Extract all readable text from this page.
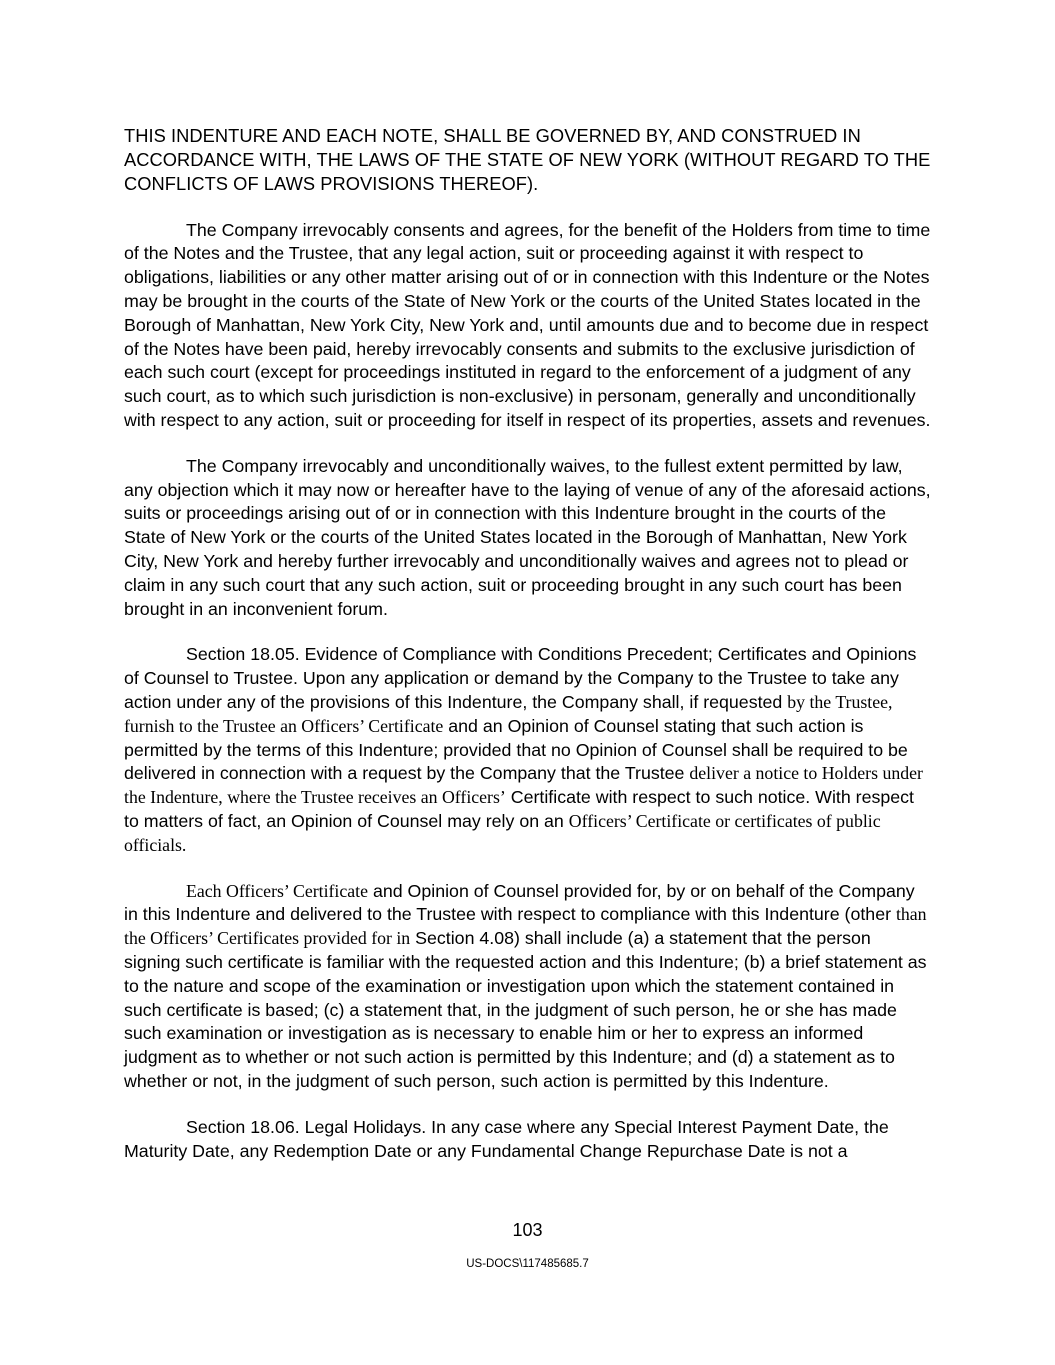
THIS INDENTURE AND EACH NOTE, SHALL BE GOVERNED BY, AND CONSTRUED IN ACCORDANCE WITH, THE LAWS OF THE STATE OF NEW YORK (WITHOUT REGARD TO THE CONFLICTS OF LAWS PROVISIONS THEREOF).

The Company irrevocably consents and agrees, for the benefit of the Holders from time to time of the Notes and the Trustee, that any legal action, suit or proceeding against it with respect to obligations, liabilities or any other matter arising out of or in connection with this Indenture or the Notes may be brought in the courts of the State of New York or the courts of the United States located in the Borough of Manhattan, New York City, New York and, until amounts due and to become due in respect of the Notes have been paid, hereby irrevocably consents and submits to the exclusive jurisdiction of each such court (except for proceedings instituted in regard to the enforcement of a judgment of any such court, as to which such jurisdiction is non-exclusive) in personam, generally and unconditionally with respect to any action, suit or proceeding for itself in respect of its properties, assets and revenues.

The Company irrevocably and unconditionally waives, to the fullest extent permitted by law, any objection which it may now or hereafter have to the laying of venue of any of the aforesaid actions, suits or proceedings arising out of or in connection with this Indenture brought in the courts of the State of New York or the courts of the United States located in the Borough of Manhattan, New York City, New York and hereby further irrevocably and unconditionally waives and agrees not to plead or claim in any such court that any such action, suit or proceeding brought in any such court has been brought in an inconvenient forum.

Section 18.05. Evidence of Compliance with Conditions Precedent; Certificates and Opinions of Counsel to Trustee. Upon any application or demand by the Company to the Trustee to take any action under any of the provisions of this Indenture, the Company shall, if requested by the Trustee, furnish to the Trustee an Officers’ Certificate and an Opinion of Counsel stating that such action is permitted by the terms of this Indenture; provided that no Opinion of Counsel shall be required to be delivered in connection with a request by the Company that the Trustee deliver a notice to Holders under the Indenture, where the Trustee receives an Officers’ Certificate with respect to such notice. With respect to matters of fact, an Opinion of Counsel may rely on an Officers’ Certificate or certificates of public officials.

Each Officers’ Certificate and Opinion of Counsel provided for, by or on behalf of the Company in this Indenture and delivered to the Trustee with respect to compliance with this Indenture (other than the Officers’ Certificates provided for in Section 4.08) shall include (a) a statement that the person signing such certificate is familiar with the requested action and this Indenture; (b) a brief statement as to the nature and scope of the examination or investigation upon which the statement contained in such certificate is based; (c) a statement that, in the judgment of such person, he or she has made such examination or investigation as is necessary to enable him or her to express an informed judgment as to whether or not such action is permitted by this Indenture; and (d) a statement as to whether or not, in the judgment of such person, such action is permitted by this Indenture.

Section 18.06. Legal Holidays. In any case where any Special Interest Payment Date, the Maturity Date, any Redemption Date or any Fundamental Change Repurchase Date is not a

103
US-DOCS\117485685.7
